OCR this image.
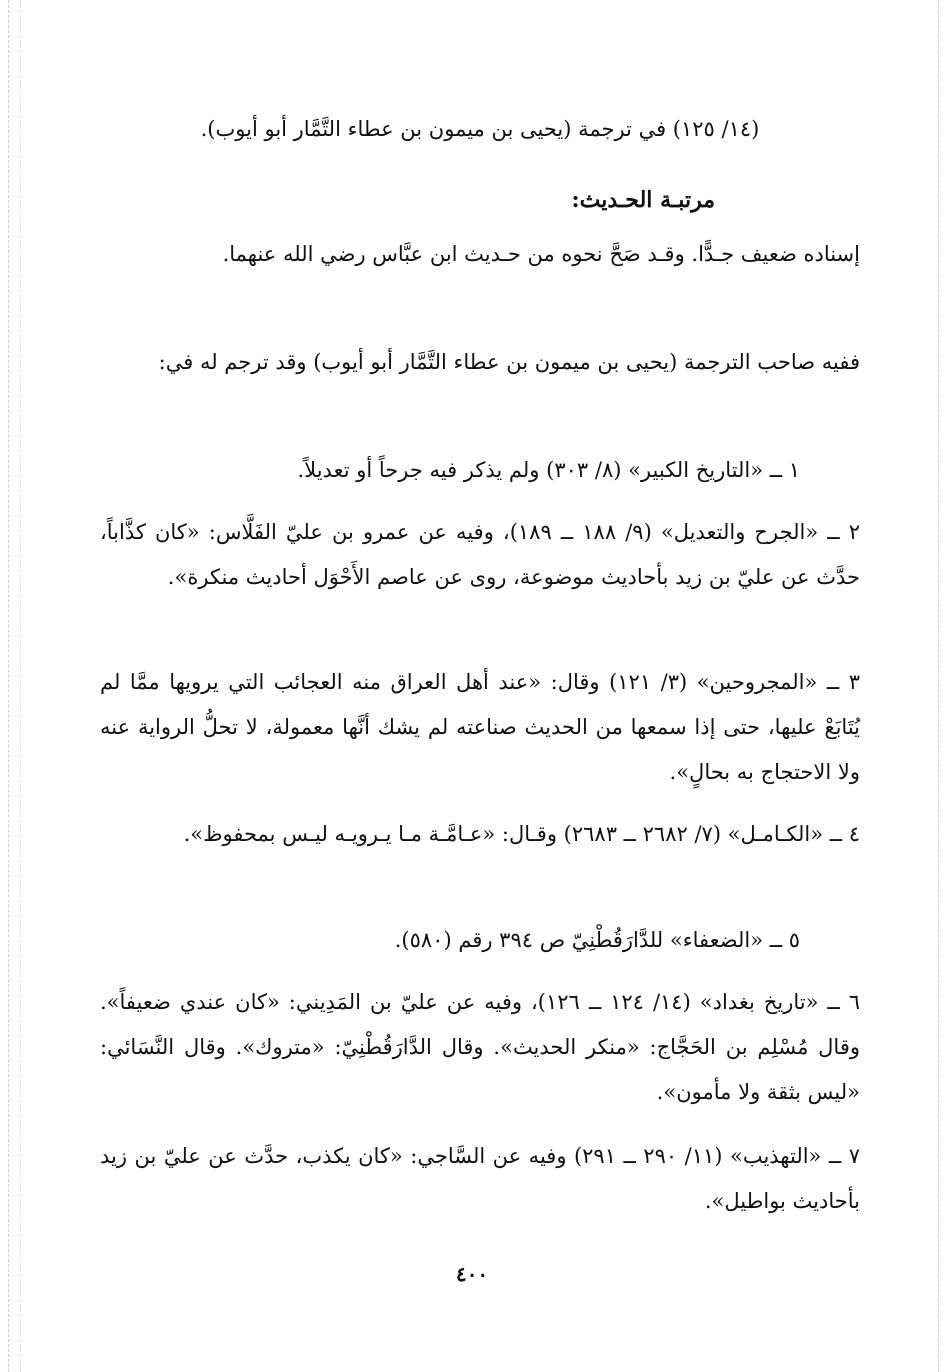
(١٤/ ١٢٥) في ترجمة (يحيى بن ميمون بن عطاء التَّمَّار أبو أيوب).
مرتبـة الحـديث:
إسناده ضعيف جـدًّا. وقـد صَحَّ نحوه من حـديث ابن عبَّاس رضي الله عنهما.
ففيه صاحب الترجمة (يحيى بن ميمون بن عطاء التَّمَّار أبو أيوب) وقد ترجم له في:
١ ــ «التاريخ الكبير» (٨/ ٣٠٣) ولم يذكر فيه جرحاً أو تعديلاً.
٢ ــ «الجرح والتعديل» (٩/ ١٨٨ ــ ١٨٩)، وفيه عن عمرو بن عليّ الفَلَّاس: «كان كذَّاباً، حدَّث عن عليّ بن زيد بأحاديث موضوعة، روى عن عاصم الأَحْوَل أحاديث منكرة».
٣ ــ «المجروحين» (٣/ ١٢١) وقال: «عند أهل العراق منه العجائب التي يرويها ممَّا لم يُتَابَعْ عليها، حتى إذا سمعها من الحديث صناعته لم يشك أنَّها معمولة، لا تحلُّ الرواية عنه ولا الاحتجاج به بحالٍ».
٤ ــ «الكـامـل» (٧/ ٢٦٨٢ ــ ٢٦٨٣) وقـال: «عـامَّـة مـا يـرويـه ليـس بمحفوظ».
٥ ــ «الضعفاء» للدَّارَقُطْنِيّ ص ٣٩٤ رقم (٥٨٠).
٦ ــ «تاريخ بغداد» (١٤/ ١٢٤ ــ ١٢٦)، وفيه عن عليّ بن المَدِيني: «كان عندي ضعيفاً». وقال مُسْلِم بن الحَجَّاج: «منكر الحديث». وقال الدَّارَقُطْنِيّ: «متروك». وقال النَّسَائي: «ليس بثقة ولا مأمون».
٧ ــ «التهذيب» (١١/ ٢٩٠ ــ ٢٩١) وفيه عن السَّاجي: «كان يكذب، حدَّث عن عليّ بن زيد بأحاديث بواطيل».
٤٠٠
